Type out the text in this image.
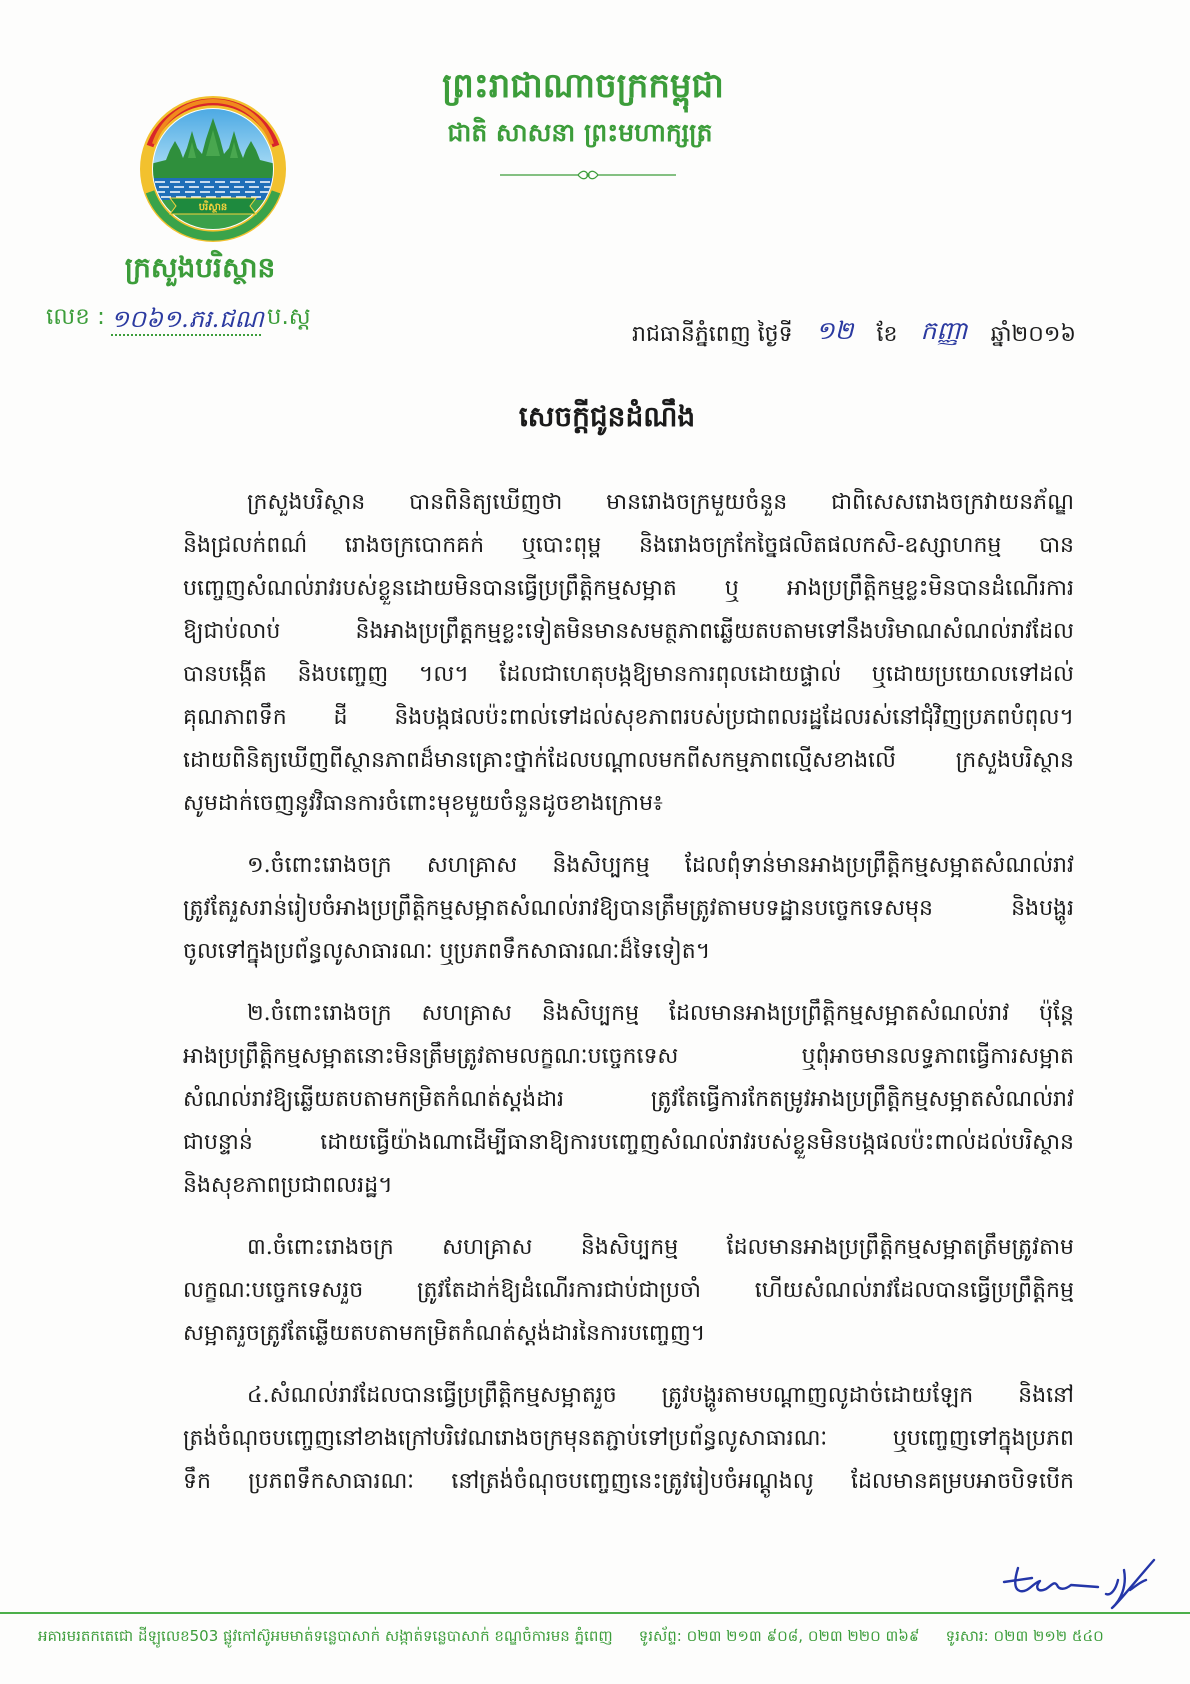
ព្រះរាជាណាចក្រកម្ពុជា
ជាតិ សាសនា ព្រះមហាក្សត្រ
បរិស្ថាន
ក្រសួងបរិស្ថាន
លេខ : ១០៦១.ភរ.ជណ ប.ស្ត
រាជធានីភ្នំពេញ ថ្ងៃទី ១២ ខែ កញ្ញា ឆ្នាំ២០១៦
សេចក្តីជូនដំណឹង
ក្រសួងបរិស្ថាន បានពិនិត្យឃើញថា មានរោងចក្រមួយចំនួន ជាពិសេសរោងចក្រវាយនភ័ណ្ឌ
និងជ្រលក់ពណ៌ រោងចក្របោកគក់ ឬបោះពុម្ព និងរោងចក្រកែច្នៃផលិតផលកសិ-ឧស្សាហកម្ម បាន
បញ្ចេញសំណល់រាវរបស់ខ្លួនដោយមិនបានធ្វើប្រព្រឹត្តិកម្មសម្អាត ឬ អាងប្រព្រឹត្តិកម្មខ្លះមិនបានដំណើរការ
ឱ្យជាប់លាប់ និងអាងប្រព្រឹត្តកម្មខ្លះទៀតមិនមានសមត្ថភាពឆ្លើយតបតាមទៅនឹងបរិមាណសំណល់រាវដែល
បានបង្កើត និងបញ្ចេញ ។ល។ ដែលជាហេតុបង្កឱ្យមានការពុលដោយផ្ទាល់ ឬដោយប្រយោលទៅដល់
គុណភាពទឹក ដី និងបង្កផលប៉ះពាល់ទៅដល់សុខភាពរបស់ប្រជាពលរដ្ឋដែលរស់នៅជុំវិញប្រភពបំពុល។
ដោយពិនិត្យឃើញពីស្ថានភាពដ៏មានគ្រោះថ្នាក់ដែលបណ្តាលមកពីសកម្មភាពល្មើសខាងលើ ក្រសួងបរិស្ថាន
សូមដាក់ចេញនូវវិធានការចំពោះមុខមួយចំនួនដូចខាងក្រោម៖
១.ចំពោះរោងចក្រ សហគ្រាស និងសិប្បកម្ម ដែលពុំទាន់មានអាងប្រព្រឹត្តិកម្មសម្អាតសំណល់រាវ
ត្រូវតែរួសរាន់រៀបចំអាងប្រព្រឹត្តិកម្មសម្អាតសំណល់រាវឱ្យបានត្រឹមត្រូវតាមបទដ្ឋានបច្ចេកទេសមុន និងបង្ហូរ
ចូលទៅក្នុងប្រព័ន្ធលូសាធារណៈ ឬប្រភពទឹកសាធារណៈដ៏ទៃទៀត។
២.ចំពោះរោងចក្រ សហគ្រាស និងសិប្បកម្ម ដែលមានអាងប្រព្រឹត្តិកម្មសម្អាតសំណល់រាវ ប៉ុន្តែ
អាងប្រព្រឹត្តិកម្មសម្អាតនោះមិនត្រឹមត្រូវតាមលក្ខណៈបច្ចេកទេស ឬពុំអាចមានលទ្ធភាពធ្វើការសម្អាត
សំណល់រាវឱ្យឆ្លើយតបតាមកម្រិតកំណត់ស្តង់ដារ ត្រូវតែធ្វើការកែតម្រូវអាងប្រព្រឹត្តិកម្មសម្អាតសំណល់រាវ
ជាបន្ទាន់ ដោយធ្វើយ៉ាងណាដើម្បីធានាឱ្យការបញ្ចេញសំណល់រាវរបស់ខ្លួនមិនបង្កផលប៉ះពាល់ដល់បរិស្ថាន
និងសុខភាពប្រជាពលរដ្ឋ។
៣.ចំពោះរោងចក្រ សហគ្រាស និងសិប្បកម្ម ដែលមានអាងប្រព្រឹត្តិកម្មសម្អាតត្រឹមត្រូវតាម
លក្ខណៈបច្ចេកទេសរួច ត្រូវតែដាក់ឱ្យដំណើរការជាប់ជាប្រចាំ ហើយសំណល់រាវដែលបានធ្វើប្រព្រឹត្តិកម្ម
សម្អាតរួចត្រូវតែឆ្លើយតបតាមកម្រិតកំណត់ស្តង់ដារនៃការបញ្ចេញ។
៤.សំណល់រាវដែលបានធ្វើប្រព្រឹត្តិកម្មសម្អាតរួច ត្រូវបង្ហូរតាមបណ្តាញលូដាច់ដោយឡែក និងនៅ
ត្រង់ចំណុចបញ្ចេញនៅខាងក្រៅបរិវេណរោងចក្រមុនតភ្ជាប់ទៅប្រព័ន្ធលូសាធារណៈ ឬបញ្ចេញទៅក្នុងប្រភព
ទឹក ប្រភពទឹកសាធារណៈ នៅត្រង់ចំណុចបញ្ចេញនេះត្រូវរៀបចំអណ្តូងលូ ដែលមានគម្របអាចបិទបើក
អគារមរតកតេជោ ដីឡូលេខ503 ផ្លូវកៅស៊ូអមមាត់ទន្លេបាសាក់ សង្កាត់ទន្លេបាសាក់ ខណ្ឌចំការមន ភ្នំពេញ ទូរស័ព្ទ: ០២៣ ២១៣ ៩០៨, ០២៣ ២២០ ៣៦៩ ទូរសារ: ០២៣ ២១២ ៥៤០
